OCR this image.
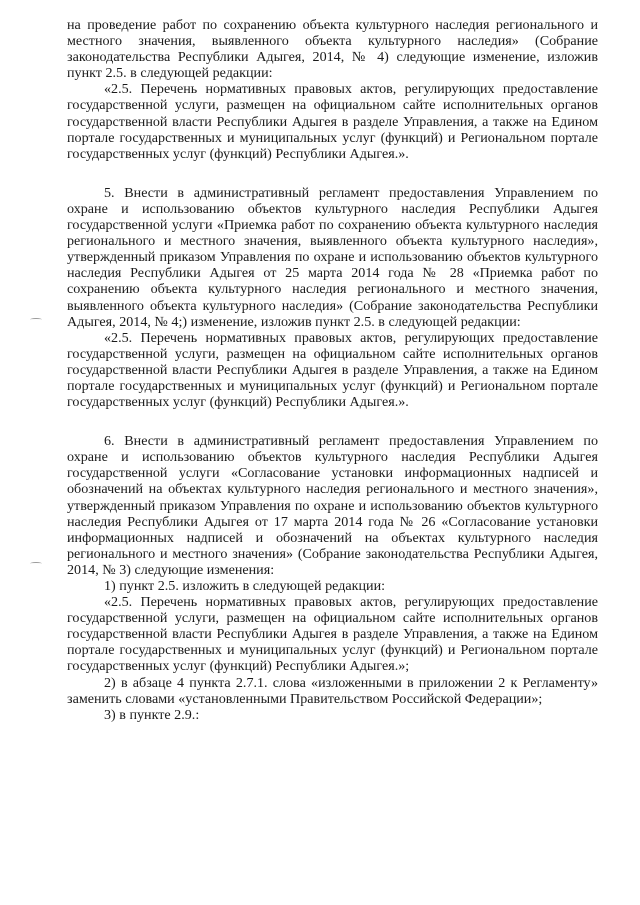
на проведение работ по сохранению объекта культурного наследия регионального и местного значения, выявленного объекта культурного наследия» (Собрание законодательства Республики Адыгея, 2014, № 4) следующие изменение, изложив пункт 2.5. в следующей редакции:

«2.5. Перечень нормативных правовых актов, регулирующих предоставление государственной услуги, размещен на официальном сайте исполнительных органов государственной власти Республики Адыгея в разделе Управления, а также на Едином портале государственных и муниципальных услуг (функций) и Региональном портале государственных услуг (функций) Республики Адыгея.».

5. Внести в административный регламент предоставления Управлением по охране и использованию объектов культурного наследия Республики Адыгея государственной услуги «Приемка работ по сохранению объекта культурного наследия регионального и местного значения, выявленного объекта культурного наследия», утвержденный приказом Управления по охране и использованию объектов культурного наследия Республики Адыгея от 25 марта 2014 года № 28 «Приемка работ по сохранению объекта культурного наследия регионального и местного значения, выявленного объекта культурного наследия» (Собрание законодательства Республики Адыгея, 2014, № 4;) изменение, изложив пункт 2.5. в следующей редакции:

«2.5. Перечень нормативных правовых актов, регулирующих предоставление государственной услуги, размещен на официальном сайте исполнительных органов государственной власти Республики Адыгея в разделе Управления, а также на Едином портале государственных и муниципальных услуг (функций) и Региональном портале государственных услуг (функций) Республики Адыгея.».

6. Внести в административный регламент предоставления Управлением по охране и использованию объектов культурного наследия Республики Адыгея государственной услуги «Согласование установки информационных надписей и обозначений на объектах культурного наследия регионального и местного значения», утвержденный приказом Управления по охране и использованию объектов культурного наследия Республики Адыгея от 17 марта 2014 года № 26 «Согласование установки информационных надписей и обозначений на объектах культурного наследия регионального и местного значения» (Собрание законодательства Республики Адыгея, 2014, № 3) следующие изменения:

1) пункт 2.5. изложить в следующей редакции:

«2.5. Перечень нормативных правовых актов, регулирующих предоставление государственной услуги, размещен на официальном сайте исполнительных органов государственной власти Республики Адыгея в разделе Управления, а также на Едином портале государственных и муниципальных услуг (функций) и Региональном портале государственных услуг (функций) Республики Адыгея.»;

2) в абзаце 4 пункта 2.7.1. слова «изложенными в приложении 2 к Регламенту» заменить словами «установленными Правительством Российской Федерации»;

3) в пункте 2.9.:
